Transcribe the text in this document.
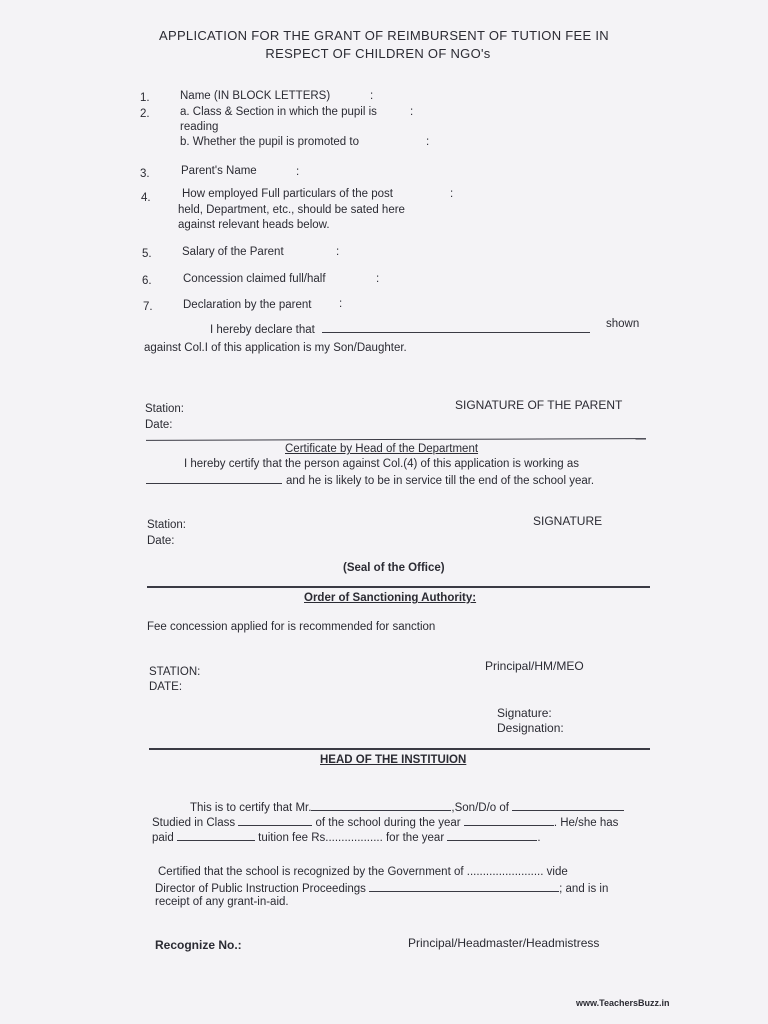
APPLICATION FOR THE GRANT OF REIMBURSENT OF TUTION FEE IN
RESPECT OF CHILDREN OF NGO's
1.	Name (IN BLOCK LETTERS)	:
2.	a. Class & Section in which the pupil is	:
reading
b. Whether the pupil is promoted to	:
3.	Parent's Name	:
4.	How employed Full particulars of the post	:
held, Department, etc., should be sated here
against relevant heads below.
5.	Salary of the Parent	:
6.	Concession claimed full/half	:
7.	Declaration by the parent :
I hereby declare that	shown
against Col.I of this application is my Son/Daughter.
Station:
Date:
SIGNATURE OF THE PARENT
Certificate by Head of the Department
I hereby certify that the person against Col.(4) of this application is working as
and he is likely to be in service till the end of the school year.
Station:
Date:
SIGNATURE
(Seal of the Office)
Order of Sanctioning Authority:
Fee concession applied for is recommended for sanction
STATION:
DATE:
Principal/HM/MEO
Signature:
Designation:
HEAD OF THE INSTITUION
This is to certify that Mr.	,Son/D/o of
Studied in Class	of the school during the year	. He/she has
paid	tuition fee Rs.................. for the year	.
Certified that the school is recognized by the Government of ........................ vide
Director of Public Instruction Proceedings	; and is in
receipt of any grant-in-aid.
Recognize No.:	Principal/Headmaster/Headmistress
www.TeachersBuzz.in
